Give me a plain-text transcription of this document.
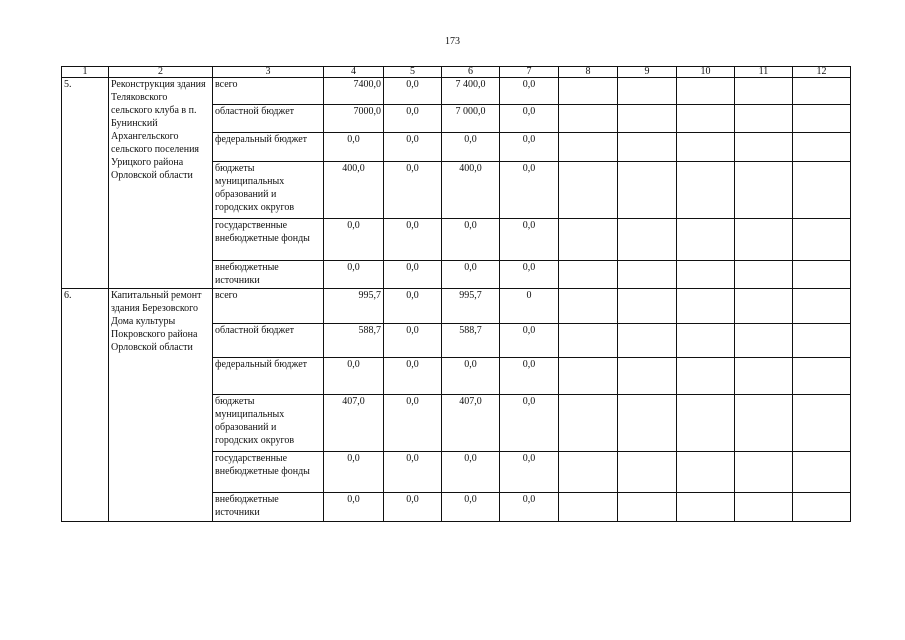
173
1	2	3	4	5	6	7	8	9	10	11	12
5.	Реконструкция здания Теляковского сельского клуба в п. Бунинский Архангельского сельского поселения Урицкого района Орловской области	всего	7400,0	0,0	7 400,0	0,0					
		областной бюджет	7000,0	0,0	7 000,0	0,0					
		федеральный бюджет	0,0	0,0	0,0	0,0					
		бюджеты муниципальных образований и городских округов	400,0	0,0	400,0	0,0					
		государственные внебюджетные фонды	0,0	0,0	0,0	0,0					
		внебюджетные источники	0,0	0,0	0,0	0,0					
6.	Капитальный ремонт здания Березовского Дома культуры Покровского района Орловской области	всего	995,7	0,0	995,7	0					
		областной бюджет	588,7	0,0	588,7	0,0					
		федеральный бюджет	0,0	0,0	0,0	0,0					
		бюджеты муниципальных образований и городских округов	407,0	0,0	407,0	0,0					
		государственные внебюджетные фонды	0,0	0,0	0,0	0,0					
		внебюджетные источники	0,0	0,0	0,0	0,0					
